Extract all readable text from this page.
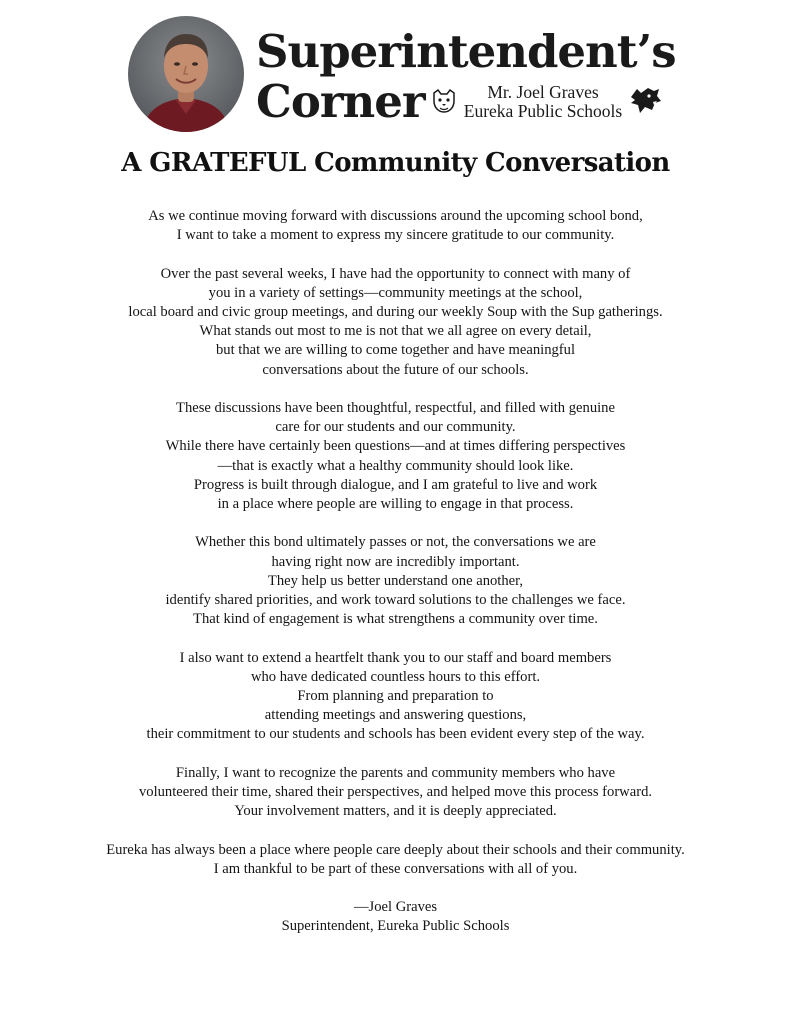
Superintendent’s
Corner	Mr. Joel Graves
Eureka Public Schools
A GRATEFUL Community Conversation
As we continue moving forward with discussions around the upcoming school bond,
I want to take a moment to express my sincere gratitude to our community.
Over the past several weeks, I have had the opportunity to connect with many of
you in a variety of settings—community meetings at the school,
local board and civic group meetings, and during our weekly Soup with the Sup gatherings.
What stands out most to me is not that we all agree on every detail,
but that we are willing to come together and have meaningful
conversations about the future of our schools.
These discussions have been thoughtful, respectful, and filled with genuine
care for our students and our community.
While there have certainly been questions—and at times differing perspectives
—that is exactly what a healthy community should look like.
Progress is built through dialogue, and I am grateful to live and work
in a place where people are willing to engage in that process.
Whether this bond ultimately passes or not, the conversations we are
having right now are incredibly important.
They help us better understand one another,
identify shared priorities, and work toward solutions to the challenges we face.
That kind of engagement is what strengthens a community over time.
I also want to extend a heartfelt thank you to our staff and board members
who have dedicated countless hours to this effort.
From planning and preparation to
attending meetings and answering questions,
their commitment to our students and schools has been evident every step of the way.
Finally, I want to recognize the parents and community members who have
volunteered their time, shared their perspectives, and helped move this process forward.
Your involvement matters, and it is deeply appreciated.
Eureka has always been a place where people care deeply about their schools and their community.
I am thankful to be part of these conversations with all of you.
—Joel Graves
Superintendent, Eureka Public Schools
